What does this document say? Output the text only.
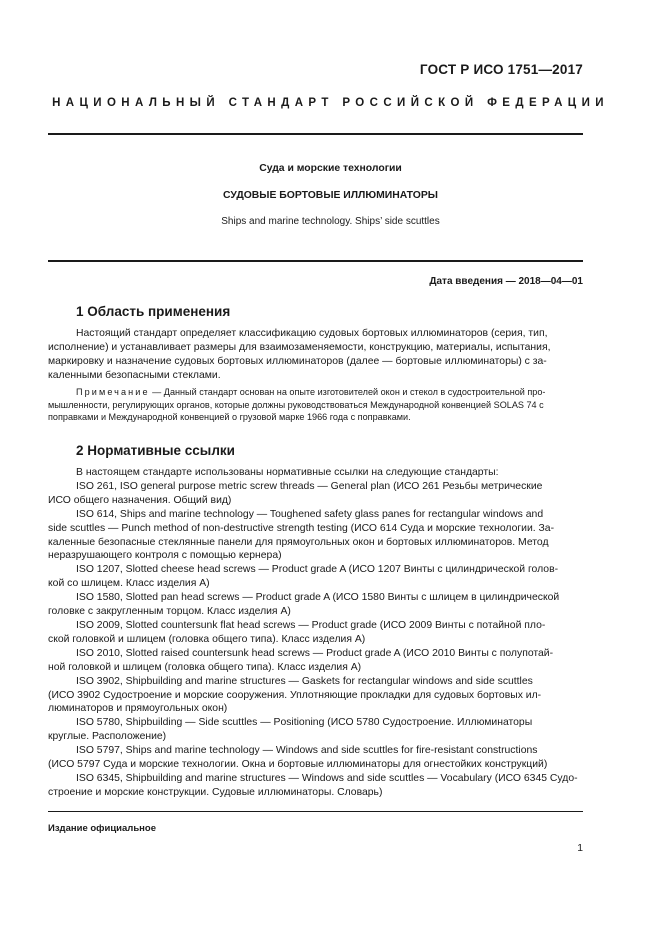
ГОСТ Р ИСО 1751—2017
НАЦИОНАЛЬНЫЙ СТАНДАРТ РОССИЙСКОЙ ФЕДЕРАЦИИ
Суда и морские технологии
СУДОВЫЕ БОРТОВЫЕ ИЛЛЮМИНАТОРЫ
Ships and marine technology. Ships’ side scuttles
Дата введения — 2018—04—01
1 Область применения
Настоящий стандарт определяет классификацию судовых бортовых иллюминаторов (серия, тип,
исполнение) и устанавливает размеры для взаимозаменяемости, конструкцию, материалы, испытания,
маркировку и назначение судовых бортовых иллюминаторов (далее — бортовые иллюминаторы) с за-
каленными безопасными стеклами.
Примечание — Данный стандарт основан на опыте изготовителей окон и стекол в судостроительной про-
мышленности, регулирующих органов, которые должны руководствоваться Международной конвенцией SOLAS 74 с
поправками и Международной конвенцией о грузовой марке 1966 года с поправками.
2 Нормативные ссылки
В настоящем стандарте использованы нормативные ссылки на следующие стандарты:
ISO 261, ISO general purpose metric screw threads — General plan (ИСО 261 Резьбы метрические
ИСО общего назначения. Общий вид)
ISO 614, Ships and marine technology — Toughened safety glass panes for rectangular windows and
side scuttles — Punch method of non-destructive strength testing (ИСО 614 Суда и морские технологии. За-
каленные безопасные стеклянные панели для прямоугольных окон и бортовых иллюминаторов. Метод
неразрушающего контроля с помощью кернера)
ISO 1207, Slotted cheese head screws — Product grade A (ИСО 1207 Винты с цилиндрической голов-
кой со шлицем. Класс изделия А)
ISO 1580, Slotted pan head screws — Product grade A (ИСО 1580 Винты с шлицем в цилиндрической
головке с закругленным торцом. Класс изделия А)
ISO 2009, Slotted countersunk flat head screws — Product grade (ИСО 2009 Винты с потайной пло-
ской головкой и шлицем (головка общего типа). Класс изделия А)
ISO 2010, Slotted raised countersunk head screws — Product grade A (ИСО 2010 Винты с полупотай-
ной головкой и шлицем (головка общего типа). Класс изделия А)
ISO 3902, Shipbuilding and marine structures — Gaskets for rectangular windows and side scuttles
(ИСО 3902 Судостроение и морские сооружения. Уплотняющие прокладки для судовых бортовых ил-
люминаторов и прямоугольных окон)
ISO 5780, Shipbuilding — Side scuttles — Positioning (ИСО 5780 Судостроение. Иллюминаторы
круглые. Расположение)
ISO 5797, Ships and marine technology — Windows and side scuttles for fire-resistant constructions
(ИСО 5797 Суда и морские технологии. Окна и бортовые иллюминаторы для огнестойких конструкций)
ISO 6345, Shipbuilding and marine structures — Windows and side scuttles — Vocabulary (ИСО 6345 Судо-
строение и морские конструкции. Судовые иллюминаторы. Словарь)
Издание официальное
1
